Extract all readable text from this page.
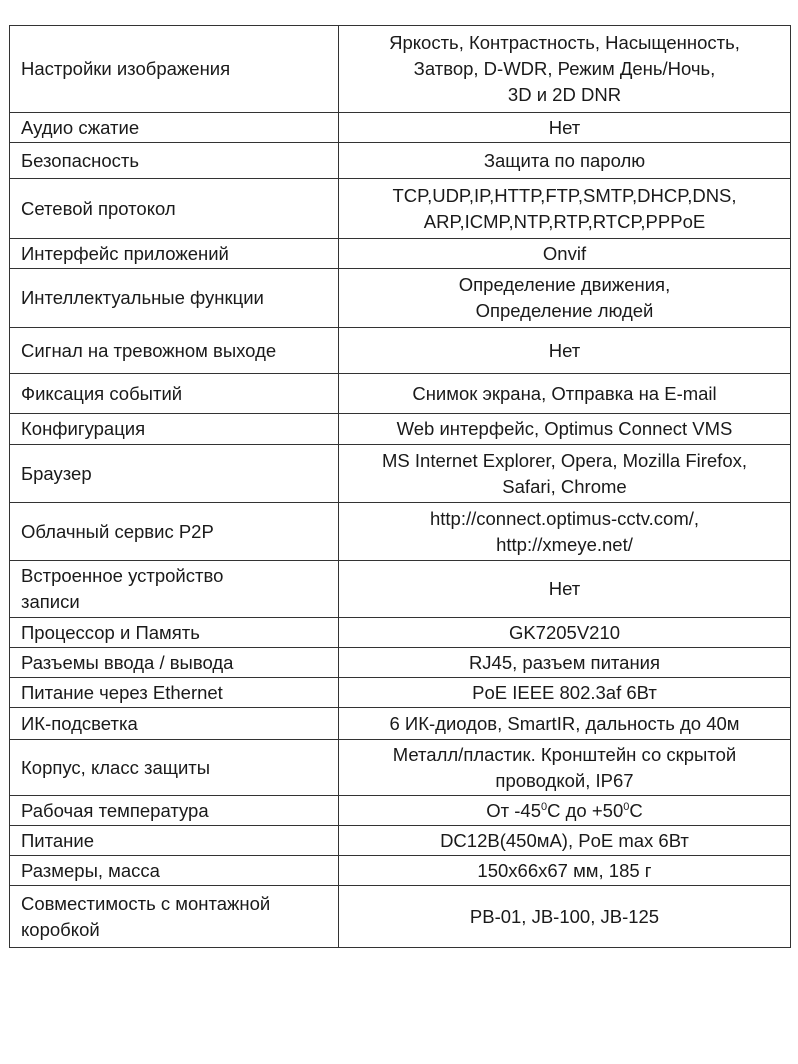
Настройки изображения	Яркость, Контрастность, Насыщенность,
Затвор, D-WDR, Режим День/Ночь,
3D и 2D DNR

Аудио сжатие	Нет

Безопасность	Защита по паролю

Сетевой протокол	TCP,UDP,IP,HTTP,FTP,SMTP,DHCP,DNS,
ARP,ICMP,NTP,RTP,RTCP,PPPoE

Интерфейс приложений	Onvif

Интеллектуальные функции	Определение движения,
Определение людей

Сигнал на тревожном выходе	Нет

Фиксация событий	Снимок экрана, Отправка на E-mail

Конфигурация	Web интерфейс, Optimus Connect VMS

Браузер	MS Internet Explorer, Opera, Mozilla Firefox,
Safari, Chrome

Облачный сервис P2P	http://connect.optimus-cctv.com/,
http://xmeye.net/

Встроенное устройство
записи	Нет

Процессор и Память	GK7205V210

Разъемы ввода / вывода	RJ45, разъем питания

Питание через Ethernet	PoE IEEE 802.3af 6Вт

ИК-подсветка	6 ИК-диодов, SmartIR, дальность до 40м

Корпус, класс защиты	Металл/пластик. Кронштейн со скрытой
проводкой, IP67

Рабочая температура	От $-45^0C$ до $+50^0C$

Питание	DC12В(450мА), PoE max 6Вт

Размеры, масса	150x66x67 мм, 185 г

Совместимость с монтажной
коробкой	PB-01, JB-100, JB-125
